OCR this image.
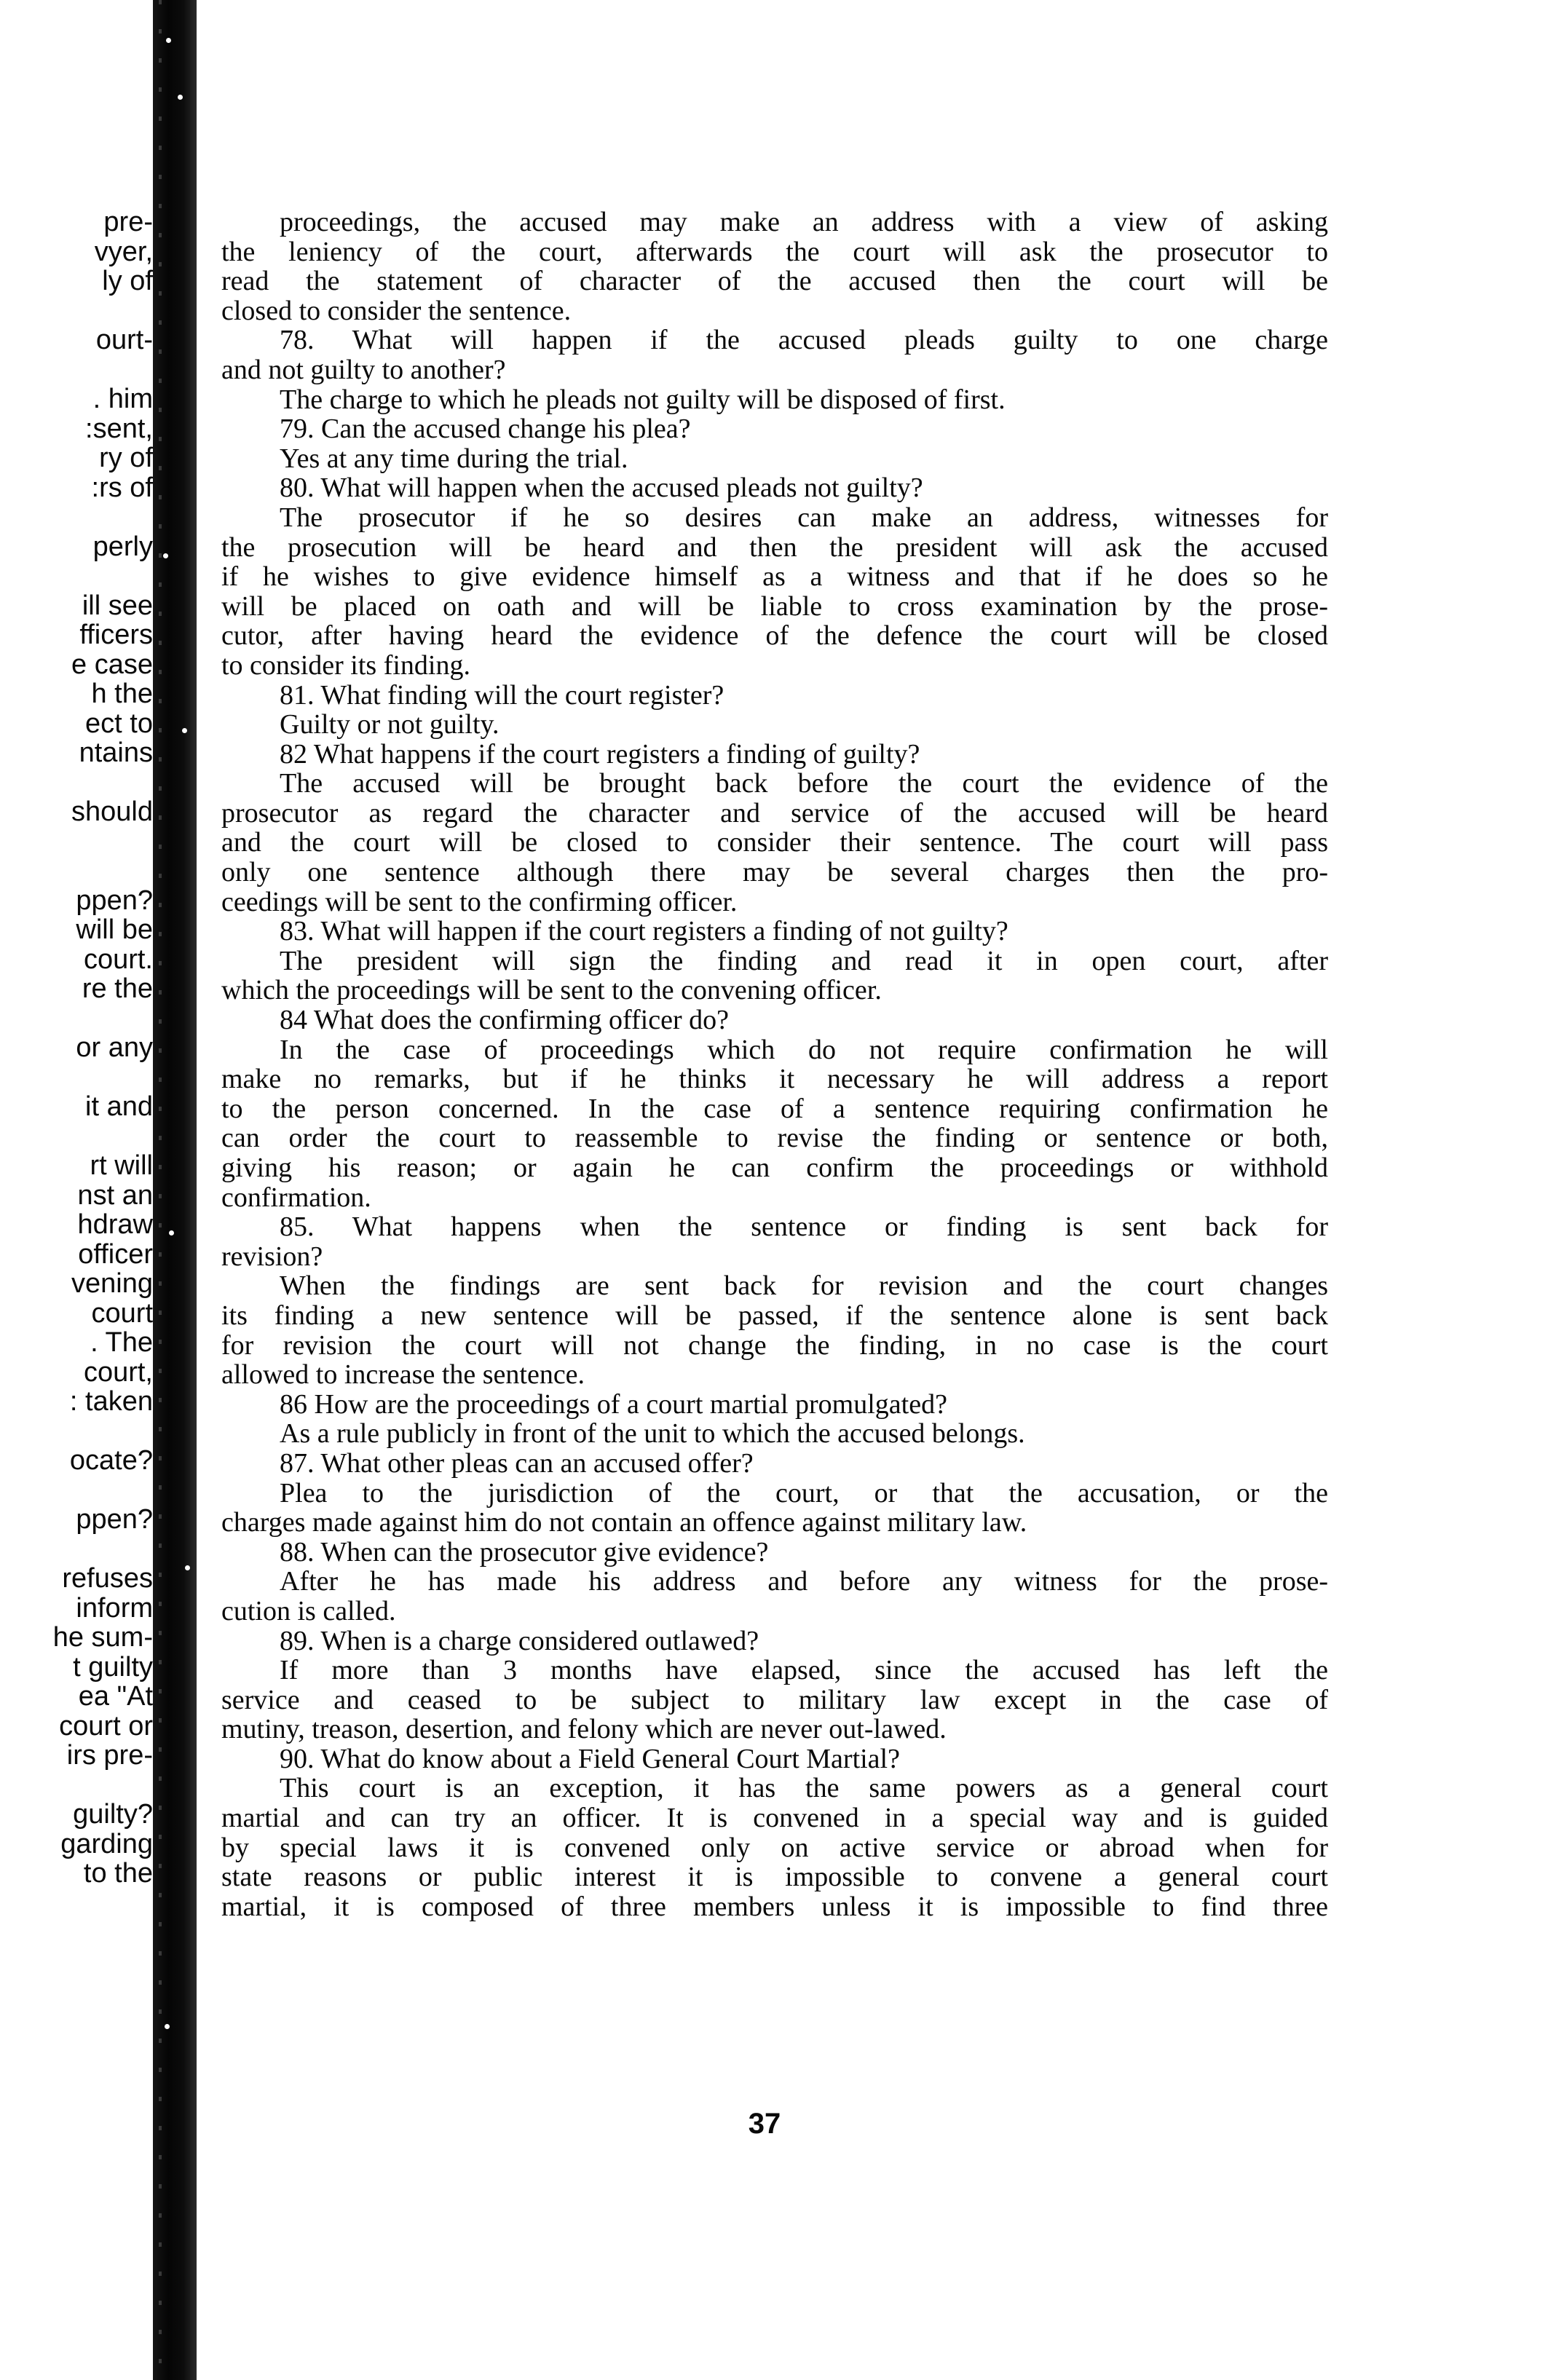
pre-
vyer,
ly of
ourt-
. him
:sent,
ry of
:rs of
perly
ill see
fficers
e case
h the
ect to
ntains
should
ppen?
will be
court.
re the
or any
it and
rt will
nst an
hdraw
officer
vening
court
. The
court,
: taken
ocate?
ppen?
refuses
inform
he sum-
t guilty
ea "At
court or
irs pre-
guilty?
garding
to the
proceedings, the accused may make an address with a view of asking
the leniency of the court, afterwards the court will ask the prosecutor to
read the statement of character of the accused then the court will be
closed to consider the sentence.
78. What will happen if the accused pleads guilty to one charge
and not guilty to another?
The charge to which he pleads not guilty will be disposed of first.
79. Can the accused change his plea?
Yes at any time during the trial.
80. What will happen when the accused pleads not guilty?
The prosecutor if he so desires can make an address, witnesses for
the prosecution will be heard and then the president will ask the accused
if he wishes to give evidence himself as a witness and that if he does so he
will be placed on oath and will be liable to cross examination by the prose-
cutor, after having heard the evidence of the defence the court will be closed
to consider its finding.
81. What finding will the court register?
Guilty or not guilty.
82 What happens if the court registers a finding of guilty?
The accused will be brought back before the court the evidence of the
prosecutor as regard the character and service of the accused will be heard
and the court will be closed to consider their sentence. The court will pass
only one sentence although there may be several charges then the pro-
ceedings will be sent to the confirming officer.
83. What will happen if the court registers a finding of not guilty?
The president will sign the finding and read it in open court, after
which the proceedings will be sent to the convening officer.
84 What does the confirming officer do?
In the case of proceedings which do not require confirmation he will
make no remarks, but if he thinks it necessary he will address a report
to the person concerned. In the case of a sentence requiring confirmation he
can order the court to reassemble to revise the finding or sentence or both,
giving his reason; or again he can confirm the proceedings or withhold
confirmation.
85. What happens when the sentence or finding is sent back for
revision?
When the findings are sent back for revision and the court changes
its finding a new sentence will be passed, if the sentence alone is sent back
for revision the court will not change the finding, in no case is the court
allowed to increase the sentence.
86 How are the proceedings of a court martial promulgated?
As a rule publicly in front of the unit to which the accused belongs.
87. What other pleas can an accused offer?
Plea to the jurisdiction of the court, or that the accusation, or the
charges made against him do not contain an offence against military law.
88. When can the prosecutor give evidence?
After he has made his address and before any witness for the prose-
cution is called.
89. When is a charge considered outlawed?
If more than 3 months have elapsed, since the accused has left the
service and ceased to be subject to military law except in the case of
mutiny, treason, desertion, and felony which are never out-lawed.
90. What do know about a Field General Court Martial?
This court is an exception, it has the same powers as a general court
martial and can try an officer. It is convened in a special way and is guided
by special laws it is convened only on active service or abroad when for
state reasons or public interest it is impossible to convene a general court
martial, it is composed of three members unless it is impossible to find three
37
